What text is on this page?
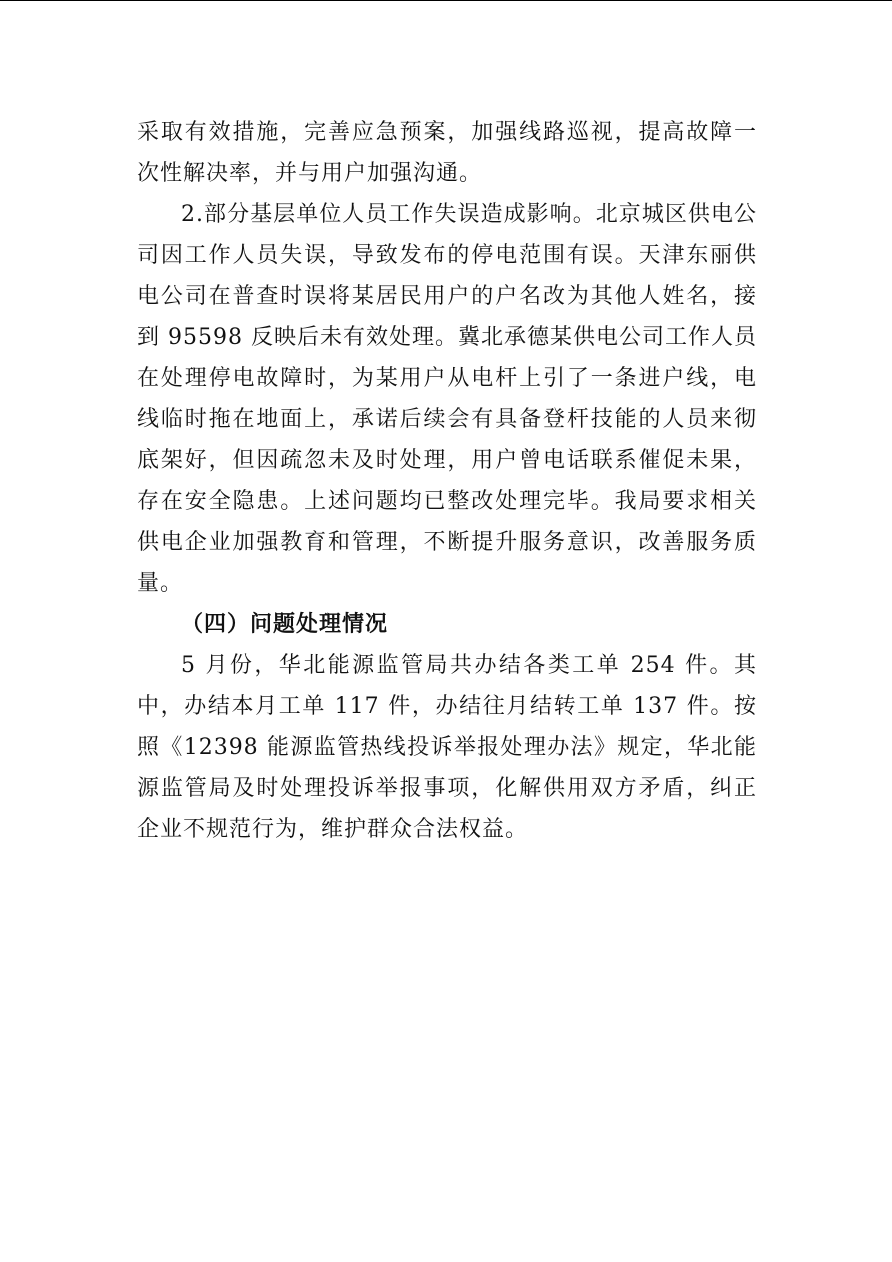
采取有效措施，完善应急预案，加强线路巡视，提高故障一次性解决率，并与用户加强沟通。

2.部分基层单位人员工作失误造成影响。北京城区供电公司因工作人员失误，导致发布的停电范围有误。天津东丽供电公司在普查时误将某居民用户的户名改为其他人姓名，接到 95598 反映后未有效处理。冀北承德某供电公司工作人员在处理停电故障时，为某用户从电杆上引了一条进户线，电线临时拖在地面上，承诺后续会有具备登杆技能的人员来彻底架好，但因疏忽未及时处理，用户曾电话联系催促未果，存在安全隐患。上述问题均已整改处理完毕。我局要求相关供电企业加强教育和管理，不断提升服务意识，改善服务质量。

（四）问题处理情况

5 月份，华北能源监管局共办结各类工单 254 件。其中，办结本月工单 117 件，办结往月结转工单 137 件。按照《12398 能源监管热线投诉举报处理办法》规定，华北能源监管局及时处理投诉举报事项，化解供用双方矛盾，纠正企业不规范行为，维护群众合法权益。
